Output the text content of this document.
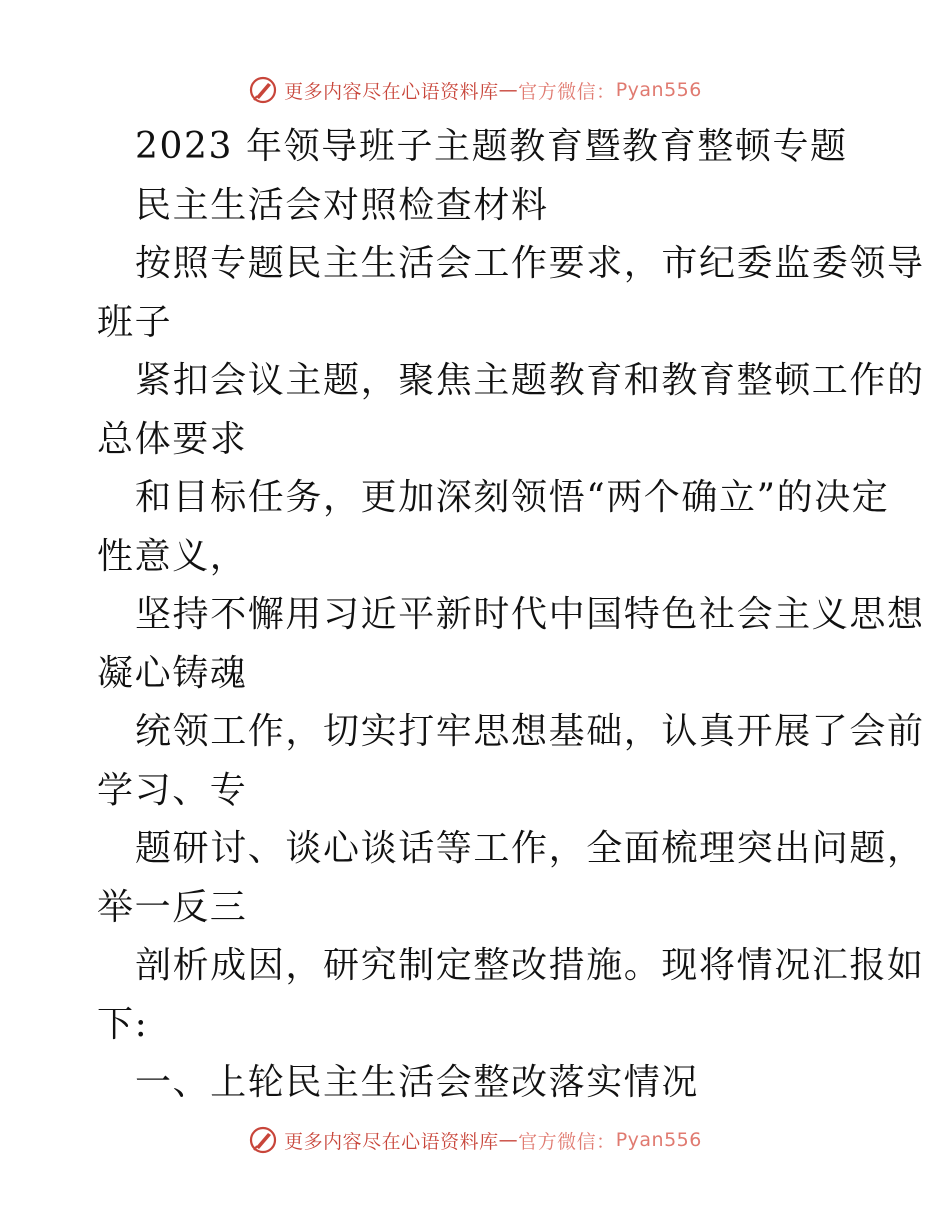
更多内容尽在心语资料库 — 官方微信： Pyan556
2023 年领导班子主题教育暨教育整顿专题
民主生活会对照检查材料
按照专题民主生活会工作要求，市纪委监委领导
班子
紧扣会议主题，聚焦主题教育和教育整顿工作的
总体要求
和目标任务，更加深刻领悟“两个确立”的决定
性意义，
坚持不懈用习近平新时代中国特色社会主义思想
凝心铸魂
统领工作，切实打牢思想基础，认真开展了会前
学习、专
题研讨、谈心谈话等工作，全面梳理突出问题，
举一反三
剖析成因，研究制定整改措施。现将情况汇报如
下:
一、上轮民主生活会整改落实情况
更多内容尽在心语资料库 — 官方微信： Pyan556
